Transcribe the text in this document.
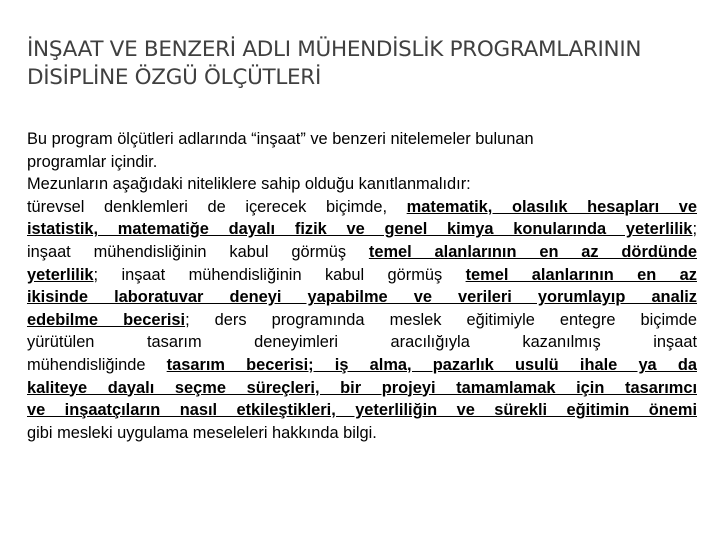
İNŞAAT VE BENZERİ ADLI MÜHENDİSLİK PROGRAMLARININ
DİSİPLİNE ÖZGÜ ÖLÇÜTLERİ

Bu program ölçütleri adlarında “inşaat” ve benzeri nitelemeler bulunan
programlar içindir.
Mezunların aşağıdaki niteliklere sahip olduğu kanıtlanmalıdır:

türevsel denklemleri de içerecek biçimde, matematik, olasılık hesapları ve
istatistik, matematiğe dayalı fizik ve genel kimya konularında yeterlilik;
inşaat mühendisliğinin kabul görmüş temel alanlarının en az dördünde
yeterlilik; inşaat mühendisliğinin kabul görmüş temel alanlarının en az
ikisinde laboratuvar deneyi yapabilme ve verileri yorumlayıp analiz
edebilme becerisi; ders programında meslek eğitimiyle entegre biçimde
yürütülen tasarım deneyimleri aracılığıyla kazanılmış inşaat
mühendisliğinde tasarım becerisi; iş alma, pazarlık usulü ihale ya da
kaliteye dayalı seçme süreçleri, bir projeyi tamamlamak için tasarımcı
ve inşaatçıların nasıl etkileştikleri, yeterliliğin ve sürekli eğitimin önemi
gibi mesleki uygulama meseleleri hakkında bilgi.
